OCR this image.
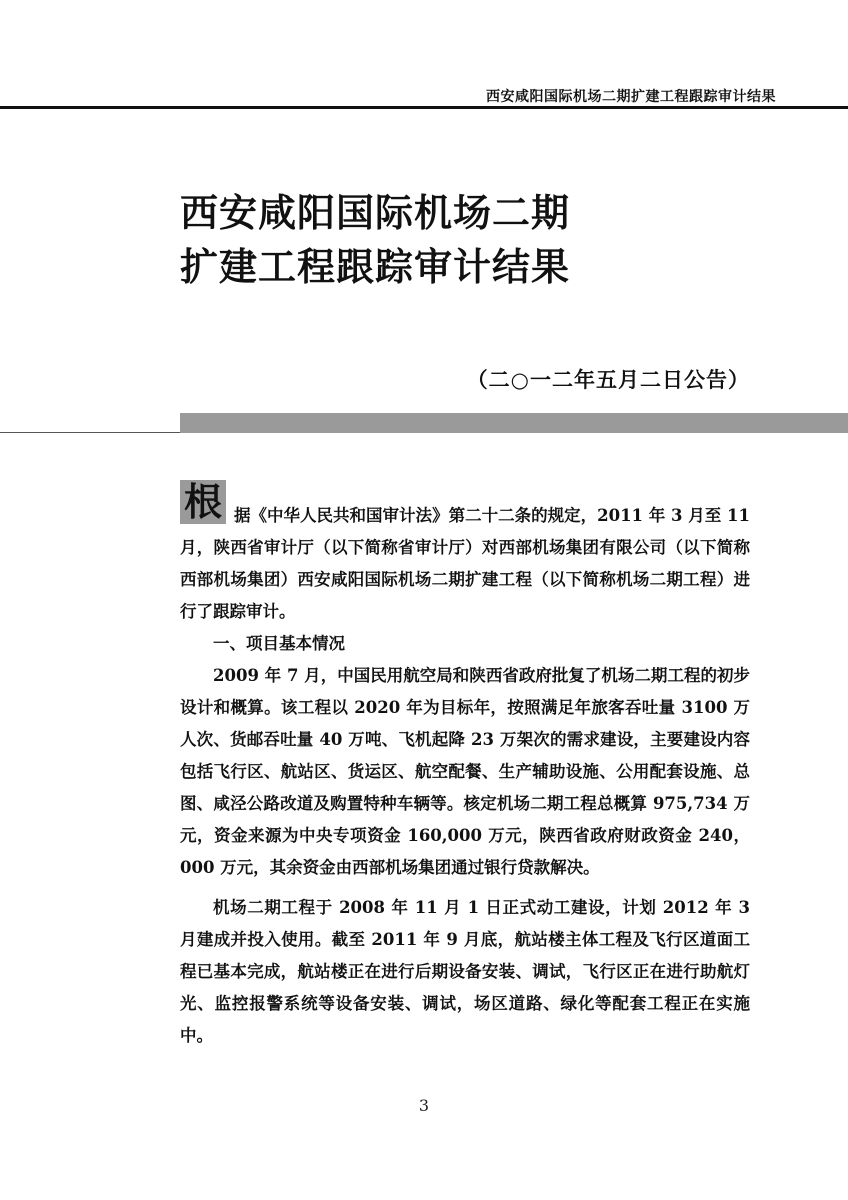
西安咸阳国际机场二期扩建工程跟踪审计结果
西安咸阳国际机场二期
扩建工程跟踪审计结果
（二○一二年五月二日公告）

根 据《中华人民共和国审计法》第二十二条的规定，2011 年 3 月至 11 月，陕西省审计厅（以下简称省审计厅）对西部机场集团有限公司（以下简称西部机场集团）西安咸阳国际机场二期扩建工程（以下简称机场二期工程）进行了跟踪审计。

一、项目基本情况

2009 年 7 月，中国民用航空局和陕西省政府批复了机场二期工程的初步设计和概算。该工程以 2020 年为目标年，按照满足年旅客吞吐量 3100 万人次、货邮吞吐量 40 万吨、飞机起降 23 万架次的需求建设，主要建设内容包括飞行区、航站区、货运区、航空配餐、生产辅助设施、公用配套设施、总图、咸泾公路改道及购置特种车辆等。核定机场二期工程总概算 975,734 万元，资金来源为中央专项资金 160,000 万元，陕西省政府财政资金 240，000 万元，其余资金由西部机场集团通过银行贷款解决。

机场二期工程于 2008 年 11 月 1 日正式动工建设，计划 2012 年 3 月建成并投入使用。截至 2011 年 9 月底，航站楼主体工程及飞行区道面工程已基本完成，航站楼正在进行后期设备安装、调试，飞行区正在进行助航灯光、监控报警系统等设备安装、调试，场区道路、绿化等配套工程正在实施中。

3
